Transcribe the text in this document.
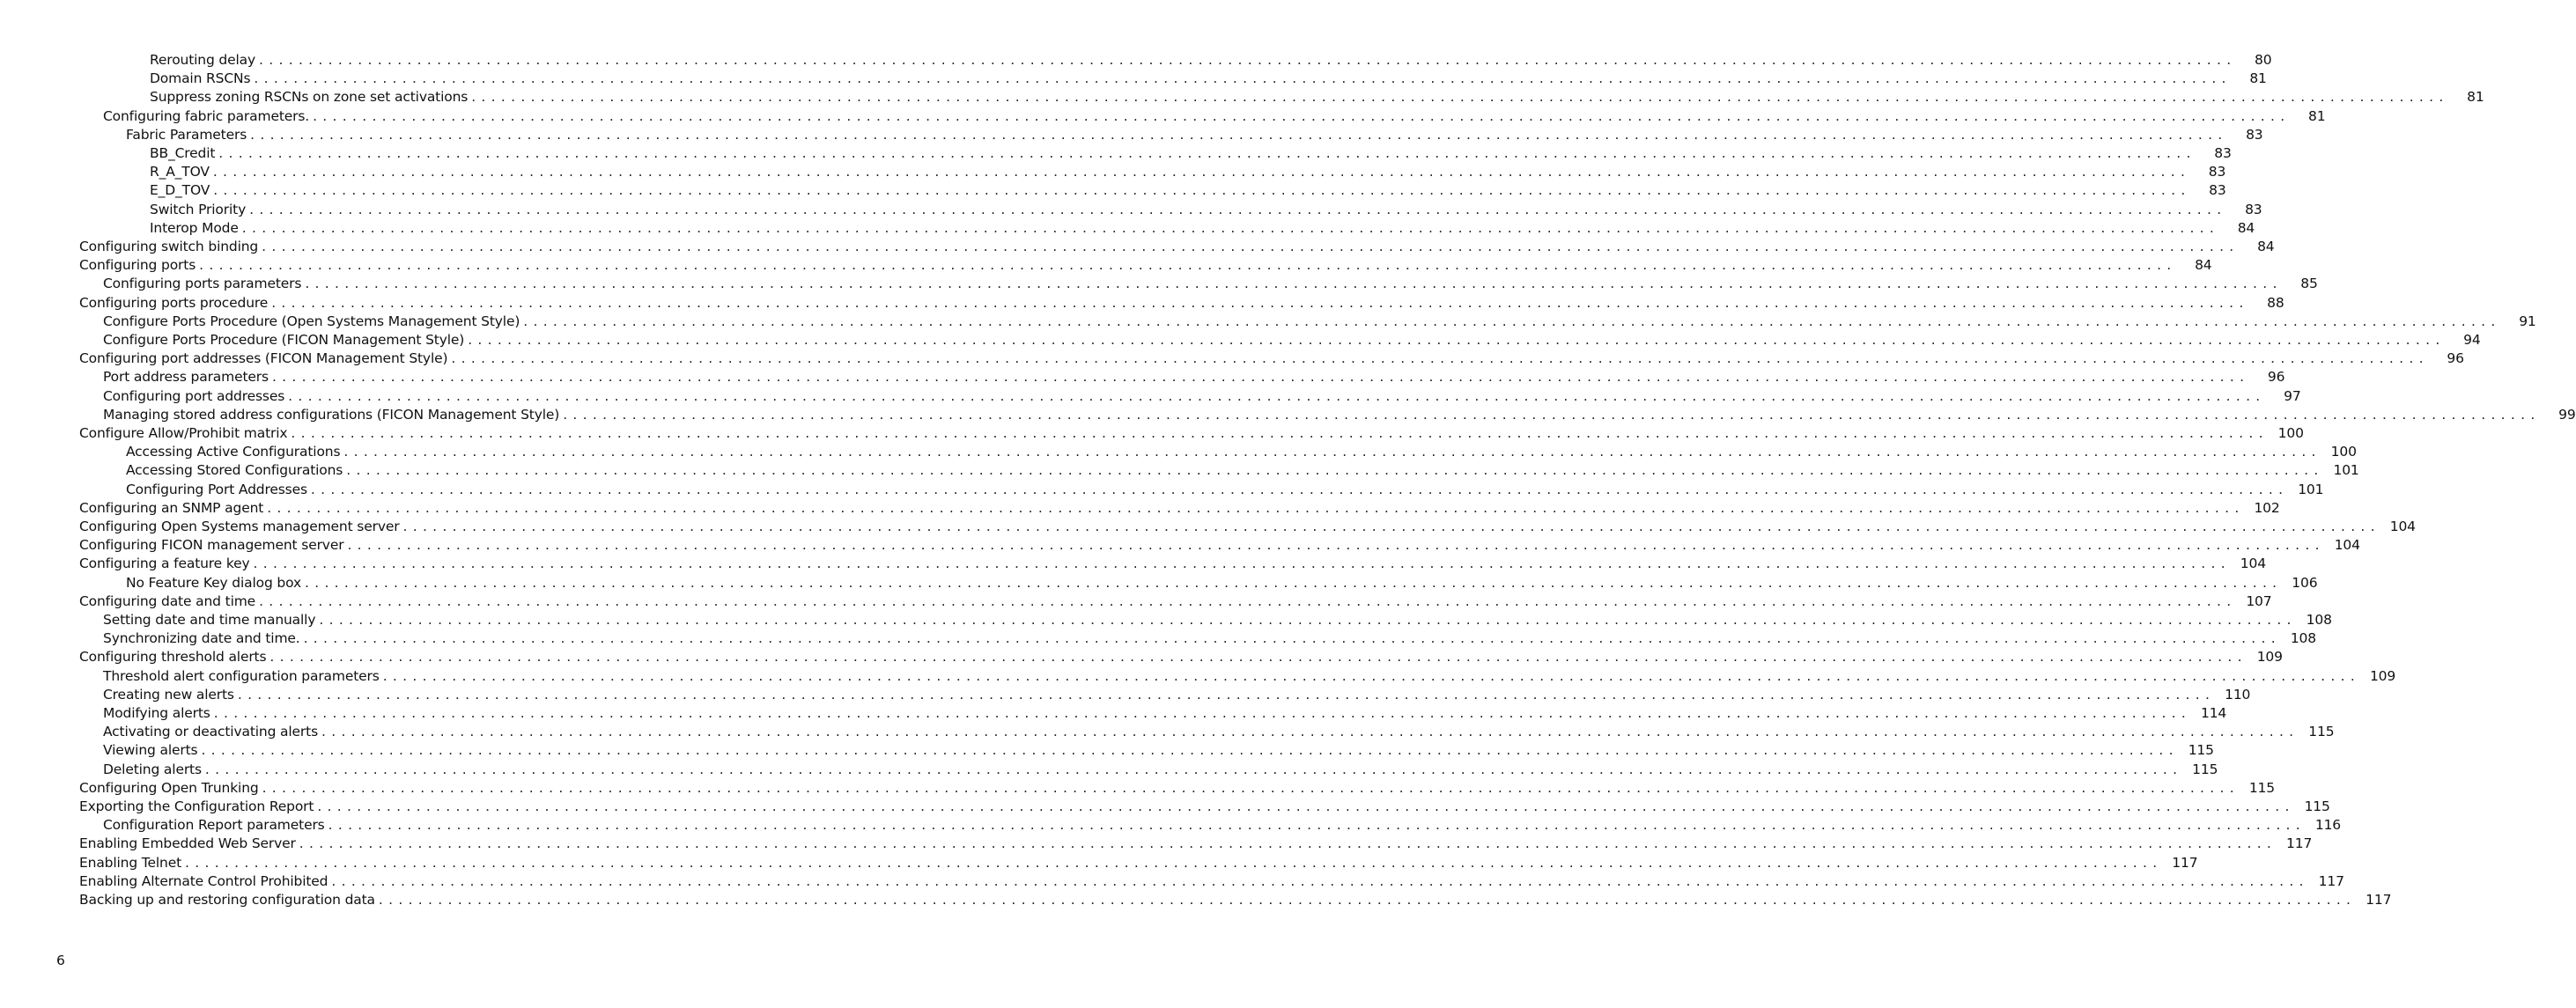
Rerouting delay ........................................................................................................................................................................................................	80
Domain RSCNs ........................................................................................................................................................................................................	81
Suppress zoning RSCNs on zone set activations ........................................................................................................................................................................................................	81
Configuring fabric parameters. ........................................................................................................................................................................................................	81
Fabric Parameters ........................................................................................................................................................................................................	83
BB_Credit ........................................................................................................................................................................................................	83
R_A_TOV ........................................................................................................................................................................................................	83
E_D_TOV ........................................................................................................................................................................................................	83
Switch Priority ........................................................................................................................................................................................................	83
Interop Mode ........................................................................................................................................................................................................	84
Configuring switch binding ........................................................................................................................................................................................................	84
Configuring ports ........................................................................................................................................................................................................	84
Configuring ports parameters ........................................................................................................................................................................................................	85
Configuring ports procedure ........................................................................................................................................................................................................	88
Configure Ports Procedure (Open Systems Management Style) ........................................................................................................................................................................................................	91
Configure Ports Procedure (FICON Management Style) ........................................................................................................................................................................................................	94
Configuring port addresses (FICON Management Style) ........................................................................................................................................................................................................	96
Port address parameters ........................................................................................................................................................................................................	96
Configuring port addresses ........................................................................................................................................................................................................	97
Managing stored address configurations (FICON Management Style) ........................................................................................................................................................................................................	99
Configure Allow/Prohibit matrix ........................................................................................................................................................................................................ 100
Accessing Active Configurations ........................................................................................................................................................................................................ 100
Accessing Stored Configurations ........................................................................................................................................................................................................ 101
Configuring Port Addresses ........................................................................................................................................................................................................ 101
Configuring an SNMP agent ........................................................................................................................................................................................................ 102
Configuring Open Systems management server ........................................................................................................................................................................................................ 104
Configuring FICON management server ........................................................................................................................................................................................................ 104
Configuring a feature key ........................................................................................................................................................................................................ 104
No Feature Key dialog box ........................................................................................................................................................................................................ 106
Configuring date and time ........................................................................................................................................................................................................ 107
Setting date and time manually ........................................................................................................................................................................................................ 108
Synchronizing date and time. ........................................................................................................................................................................................................ 108
Configuring threshold alerts ........................................................................................................................................................................................................ 109
Threshold alert configuration parameters ........................................................................................................................................................................................................ 109
Creating new alerts ........................................................................................................................................................................................................ 110
Modifying alerts ........................................................................................................................................................................................................ 114
Activating or deactivating alerts ........................................................................................................................................................................................................ 115
Viewing alerts ........................................................................................................................................................................................................ 115
Deleting alerts ........................................................................................................................................................................................................ 115
Configuring Open Trunking ........................................................................................................................................................................................................ 115
Exporting the Configuration Report ........................................................................................................................................................................................................ 115
Configuration Report parameters ........................................................................................................................................................................................................ 116
Enabling Embedded Web Server ........................................................................................................................................................................................................ 117
Enabling Telnet ........................................................................................................................................................................................................ 117
Enabling Alternate Control Prohibited ........................................................................................................................................................................................................ 117
Backing up and restoring configuration data ........................................................................................................................................................................................................ 117
6
